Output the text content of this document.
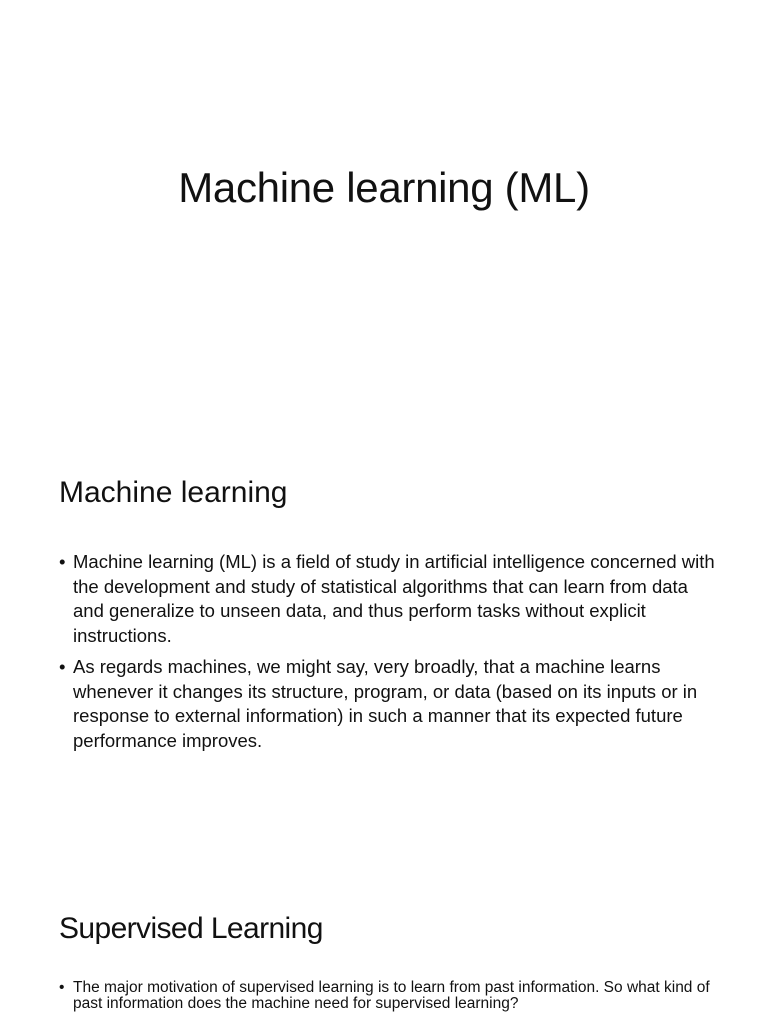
Machine learning (ML)
Machine learning
• Machine learning (ML) is a field of study in artificial intelligence concerned with the development and study of statistical algorithms that can learn from data and generalize to unseen data, and thus perform tasks without explicit instructions.
• As regards machines, we might say, very broadly, that a machine learns whenever it changes its structure, program, or data (based on its inputs or in response to external information) in such a manner that its expected future performance improves.
Supervised Learning
• The major motivation of supervised learning is to learn from past information. So what kind of past information does the machine need for supervised learning?
